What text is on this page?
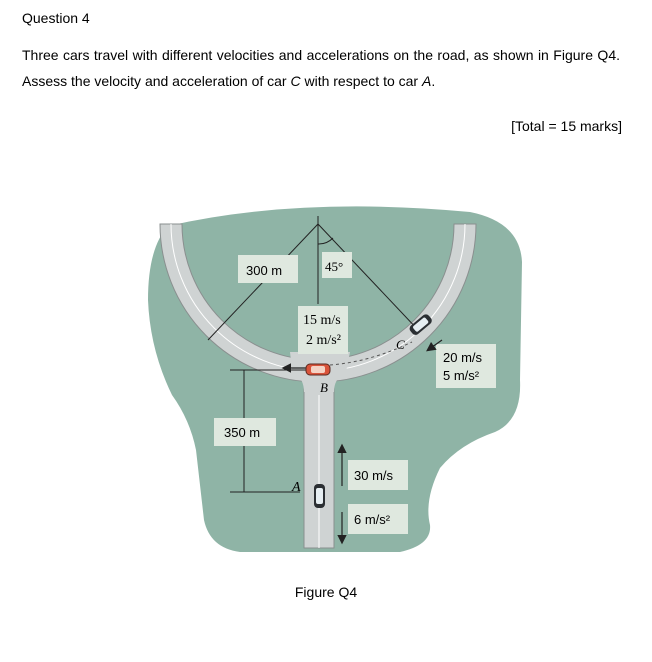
Question 4
Three cars travel with different velocities and accelerations on the road, as shown in Figure Q4. Assess the velocity and acceleration of car C with respect to car A.
[Total = 15 marks]
300 m	45°
15 m/s
2 m/s²
20 m/s
5 m/s²
350 m
30 m/s
6 m/s²
B
C
A
Figure Q4
